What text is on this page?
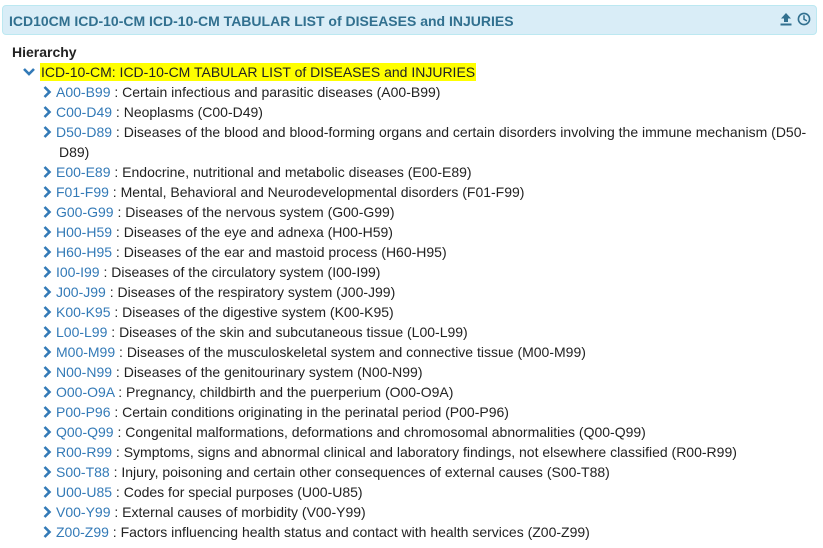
ICD10CM ICD-10-CM ICD-10-CM TABULAR LIST of DISEASES and INJURIES
Hierarchy
ICD-10-CM: ICD-10-CM TABULAR LIST of DISEASES and INJURIES
A00-B99 : Certain infectious and parasitic diseases (A00-B99)
C00-D49 : Neoplasms (C00-D49)
D50-D89 : Diseases of the blood and blood-forming organs and certain disorders involving the immune mechanism (D50-D89)
E00-E89 : Endocrine, nutritional and metabolic diseases (E00-E89)
F01-F99 : Mental, Behavioral and Neurodevelopmental disorders (F01-F99)
G00-G99 : Diseases of the nervous system (G00-G99)
H00-H59 : Diseases of the eye and adnexa (H00-H59)
H60-H95 : Diseases of the ear and mastoid process (H60-H95)
I00-I99 : Diseases of the circulatory system (I00-I99)
J00-J99 : Diseases of the respiratory system (J00-J99)
K00-K95 : Diseases of the digestive system (K00-K95)
L00-L99 : Diseases of the skin and subcutaneous tissue (L00-L99)
M00-M99 : Diseases of the musculoskeletal system and connective tissue (M00-M99)
N00-N99 : Diseases of the genitourinary system (N00-N99)
O00-O9A : Pregnancy, childbirth and the puerperium (O00-O9A)
P00-P96 : Certain conditions originating in the perinatal period (P00-P96)
Q00-Q99 : Congenital malformations, deformations and chromosomal abnormalities (Q00-Q99)
R00-R99 : Symptoms, signs and abnormal clinical and laboratory findings, not elsewhere classified (R00-R99)
S00-T88 : Injury, poisoning and certain other consequences of external causes (S00-T88)
U00-U85 : Codes for special purposes (U00-U85)
V00-Y99 : External causes of morbidity (V00-Y99)
Z00-Z99 : Factors influencing health status and contact with health services (Z00-Z99)
